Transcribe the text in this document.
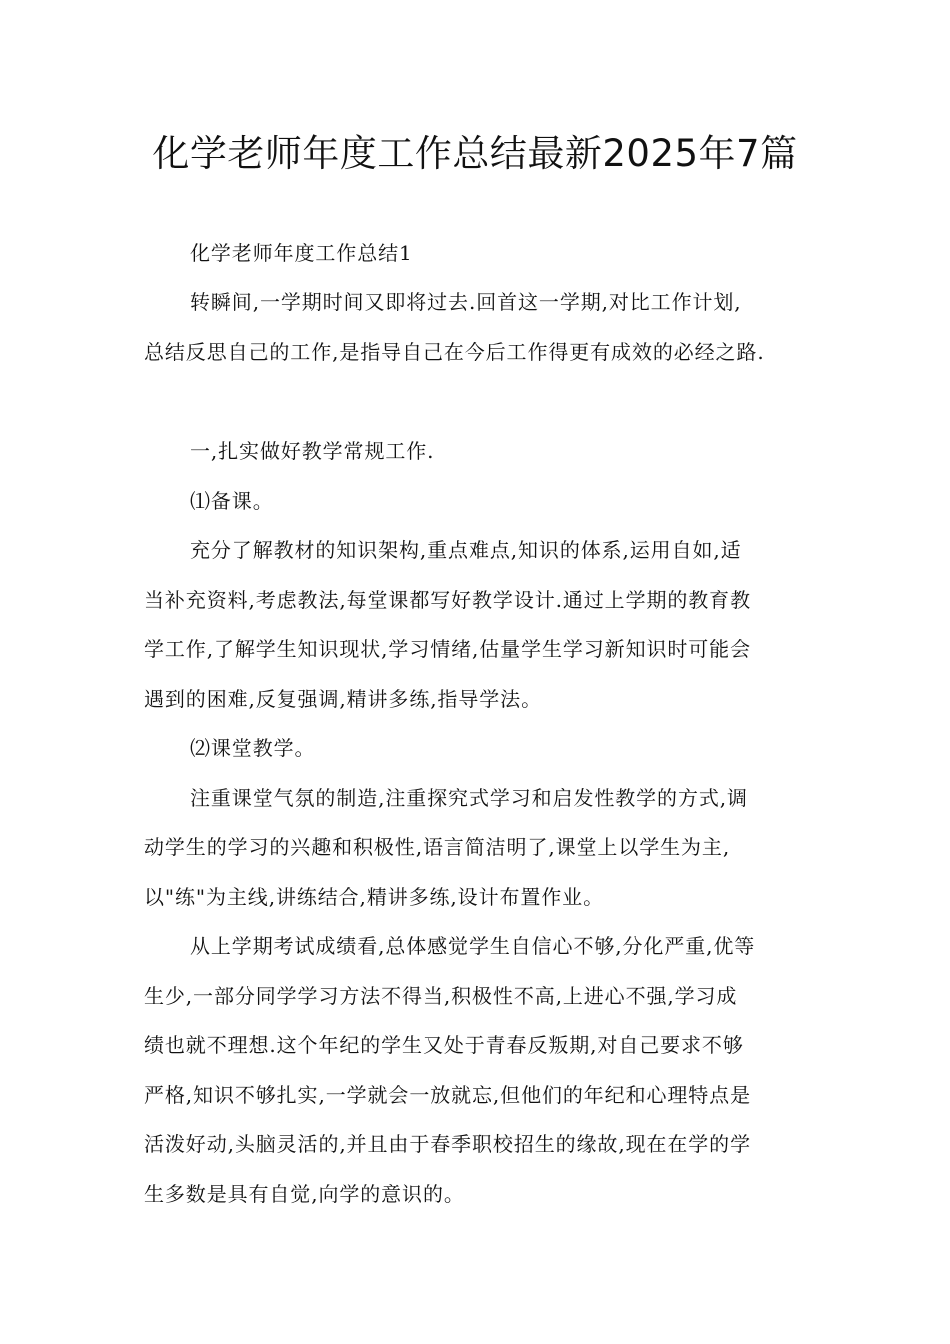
化学老师年度工作总结最新2025年7篇
化学老师年度工作总结1
转瞬间,一学期时间又即将过去.回首这一学期,对比工作计划,
总结反思自己的工作,是指导自己在今后工作得更有成效的必经之路.
一,扎实做好教学常规工作.
⑴备课。
充分了解教材的知识架构,重点难点,知识的体系,运用自如,适
当补充资料,考虑教法,每堂课都写好教学设计.通过上学期的教育教
学工作,了解学生知识现状,学习情绪,估量学生学习新知识时可能会
遇到的困难,反复强调,精讲多练,指导学法。
⑵课堂教学。
注重课堂气氛的制造,注重探究式学习和启发性教学的方式,调
动学生的学习的兴趣和积极性,语言简洁明了,课堂上以学生为主,
以"练"为主线,讲练结合,精讲多练,设计布置作业。
从上学期考试成绩看,总体感觉学生自信心不够,分化严重,优等
生少,一部分同学学习方法不得当,积极性不高,上进心不强,学习成
绩也就不理想.这个年纪的学生又处于青春反叛期,对自己要求不够
严格,知识不够扎实,一学就会一放就忘,但他们的年纪和心理特点是
活泼好动,头脑灵活的,并且由于春季职校招生的缘故,现在在学的学
生多数是具有自觉,向学的意识的。
